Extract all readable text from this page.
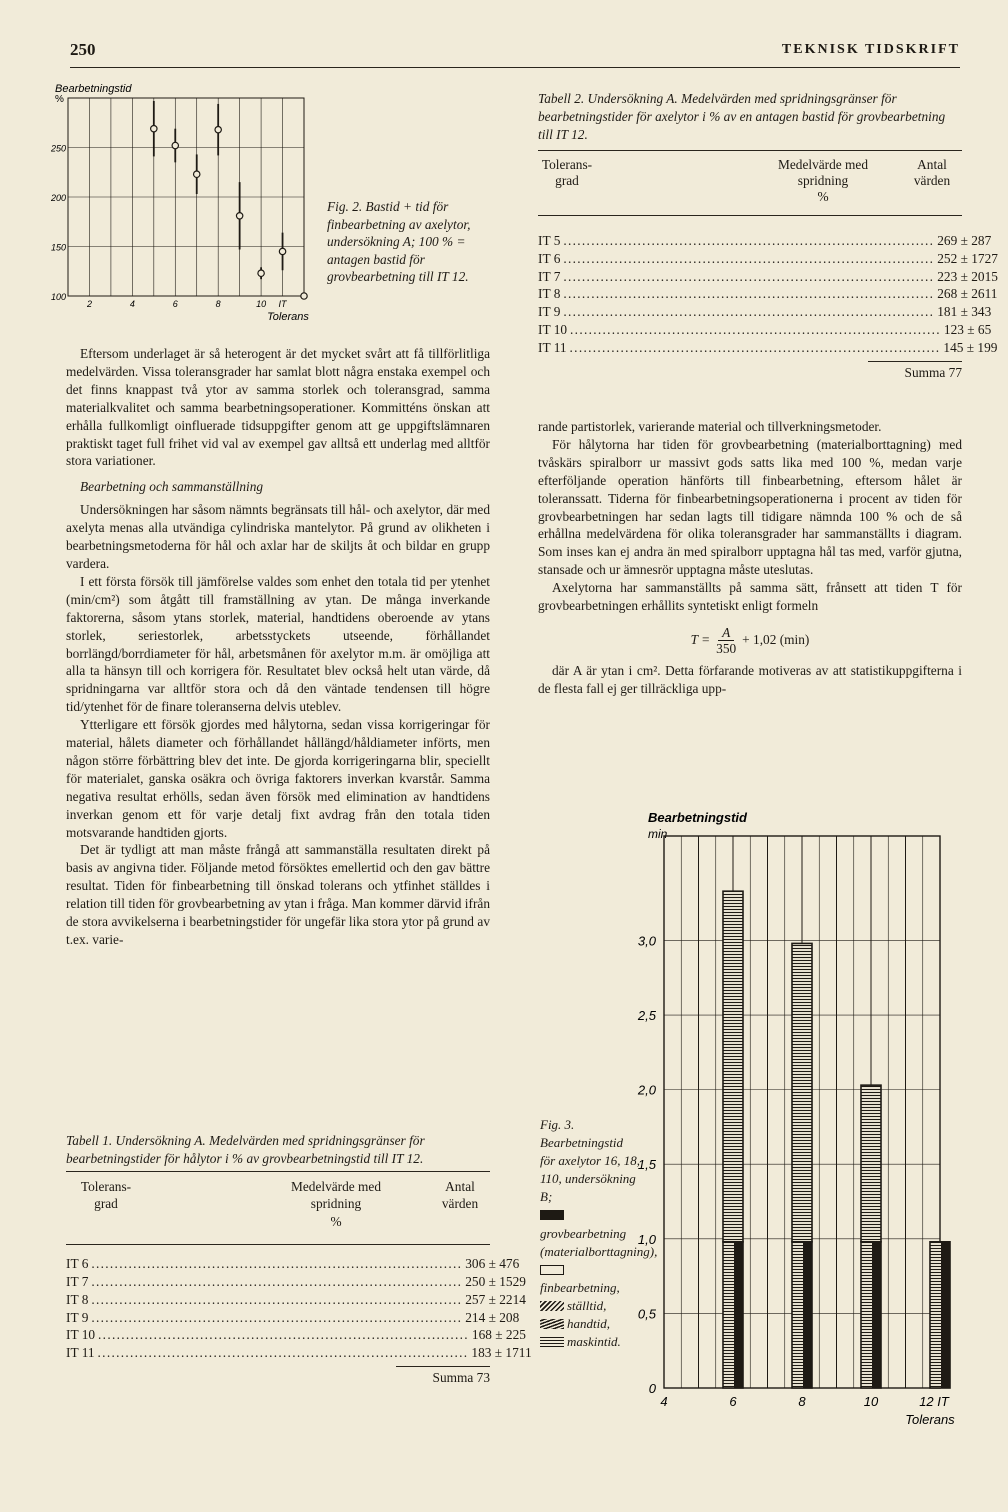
250	TEKNISK TIDSKRIFT
Bearbetningstid
%
100
150
200
250
2	4	6	8	10 IT
Tolerans
Fig. 2. Bastid + tid för finbearbetning av axelytor, undersökning A; 100 % = antagen bastid för grovbearbetning till IT 12.

Eftersom underlaget är så heterogent är det mycket svårt att få tillförlitliga medelvärden. Vissa toleransgrader har samlat blott några enstaka exempel och det finns knappast två ytor av samma storlek och toleransgrad, samma materialkvalitet och samma bearbetningsoperationer. Kommitténs önskan att erhålla fullkomligt oinfluerade tidsuppgifter genom att ge uppgiftslämnaren praktiskt taget full frihet vid val av exempel gav alltså ett underlag med alltför stora variationer.

Bearbetning och sammanställning

Undersökningen har såsom nämnts begränsats till hål- och axelytor, där med axelyta menas alla utvändiga cylindriska mantelytor. På grund av olikheten i bearbetningsmetoderna för hål och axlar har de skiljts åt och bildar en grupp vardera.

I ett första försök till jämförelse valdes som enhet den totala tid per ytenhet (min/cm²) som åtgått till framställning av ytan. De många inverkande faktorerna, såsom ytans storlek, material, handtidens oberoende av ytans storlek, seriestorlek, arbetsstyckets utseende, förhållandet borrlängd/borrdiameter för hål, arbetsmånen för axelytor m.m. är omöjliga att alla ta hänsyn till och korrigera för. Resultatet blev också helt utan värde, då spridningarna var alltför stora och då den väntade tendensen till högre tid/ytenhet för de finare toleranserna delvis uteblev.

Ytterligare ett försök gjordes med hålytorna, sedan vissa korrigeringar för material, hålets diameter och förhållandet hållängd/håldiameter införts, men någon större förbättring blev det inte. De gjorda korrigeringarna blir, speciellt för materialet, ganska osäkra och övriga faktorers inverkan kvarstår. Samma negativa resultat erhölls, sedan även försök med elimination av handtidens inverkan genom ett för varje detalj fixt avdrag från den totala tiden motsvarande handtiden gjorts.

Det är tydligt att man måste frångå att sammanställa resultaten direkt på basis av angivna tider. Följande metod försöktes emellertid och den gav bättre resultat. Tiden för finbearbetning till önskad tolerans och ytfinhet ställdes i relation till tiden för grovbearbetning av ytan i fråga. Man kommer därvid ifrån de stora avvikelserna i bearbetningstider för ungefär lika stora ytor på grund av t.ex. varie-

Tabell 1. Undersökning A. Medelvärden med spridningsgränser för bearbetningstider för hålytor i % av grovbearbetningstid till IT 12.
Tolerans-
grad
Medelvärde med
spridning
%
Antal
värden
IT 6 ................................................................................ 306 ± 47 6
IT 7 ................................................................................ 250 ± 15 29
IT 8 ................................................................................ 257 ± 22 14
IT 9 ................................................................................ 214 ± 20 8
IT 10 ................................................................................ 168 ± 22 5
IT 11 ................................................................................ 183 ± 17 11
Summa 73
Tabell 2. Undersökning A. Medelvärden med spridningsgränser för bearbetningstider för axelytor i % av en antagen bastid för grovbearbetning till IT 12.
Tolerans-
grad
Medelvärde med
spridning
%
Antal
värden
IT 5 ................................................................................ 269 ± 28 7
IT 6 ................................................................................ 252 ± 17 27
IT 7 ................................................................................ 223 ± 20 15
IT 8 ................................................................................ 268 ± 26 11
IT 9 ................................................................................ 181 ± 34 3
IT 10 ................................................................................ 123 ± 6 5
IT 11 ................................................................................ 145 ± 19 9
Summa 77

rande partistorlek, varierande material och tillverkningsmetoder.

För hålytorna har tiden för grovbearbetning (materialborttagning) med tvåskärs spiralborr ur massivt gods satts lika med 100 %, medan varje efterföljande operation hänförts till finbearbetning, eftersom hålet är toleranssatt. Tiderna för finbearbetningsoperationerna i procent av tiden för grovbearbetningen har sedan lagts till tidigare nämnda 100 % och de så erhållna medelvärdena för olika toleransgrader har sammanställts i diagram. Som inses kan ej andra än med spiralborr upptagna hål tas med, varför gjutna, stansade och ur ämnesrör upptagna måste uteslutas.

Axelytorna har sammanställts på samma sätt, frånsett att tiden T för grovbearbetningen erhållits syntetiskt enligt formeln

$T = \frac{A}{350} + 1,02$ (min)

där A är ytan i cm². Detta förfarande motiveras av att statistikuppgifterna i de flesta fall ej ger tillräckliga upp-

Bearbetningstid
min
0
0,5
1,0
1,5
2,0
2,5
3,0
4	6	8	10	12 IT
Tolerans
Fig. 3. Bearbetningstid för axelytor 16, 18, 110, undersökning B;
grovbearbetning (materialborttagning),
finbearbetning,
ställtid,
handtid,
maskintid.
